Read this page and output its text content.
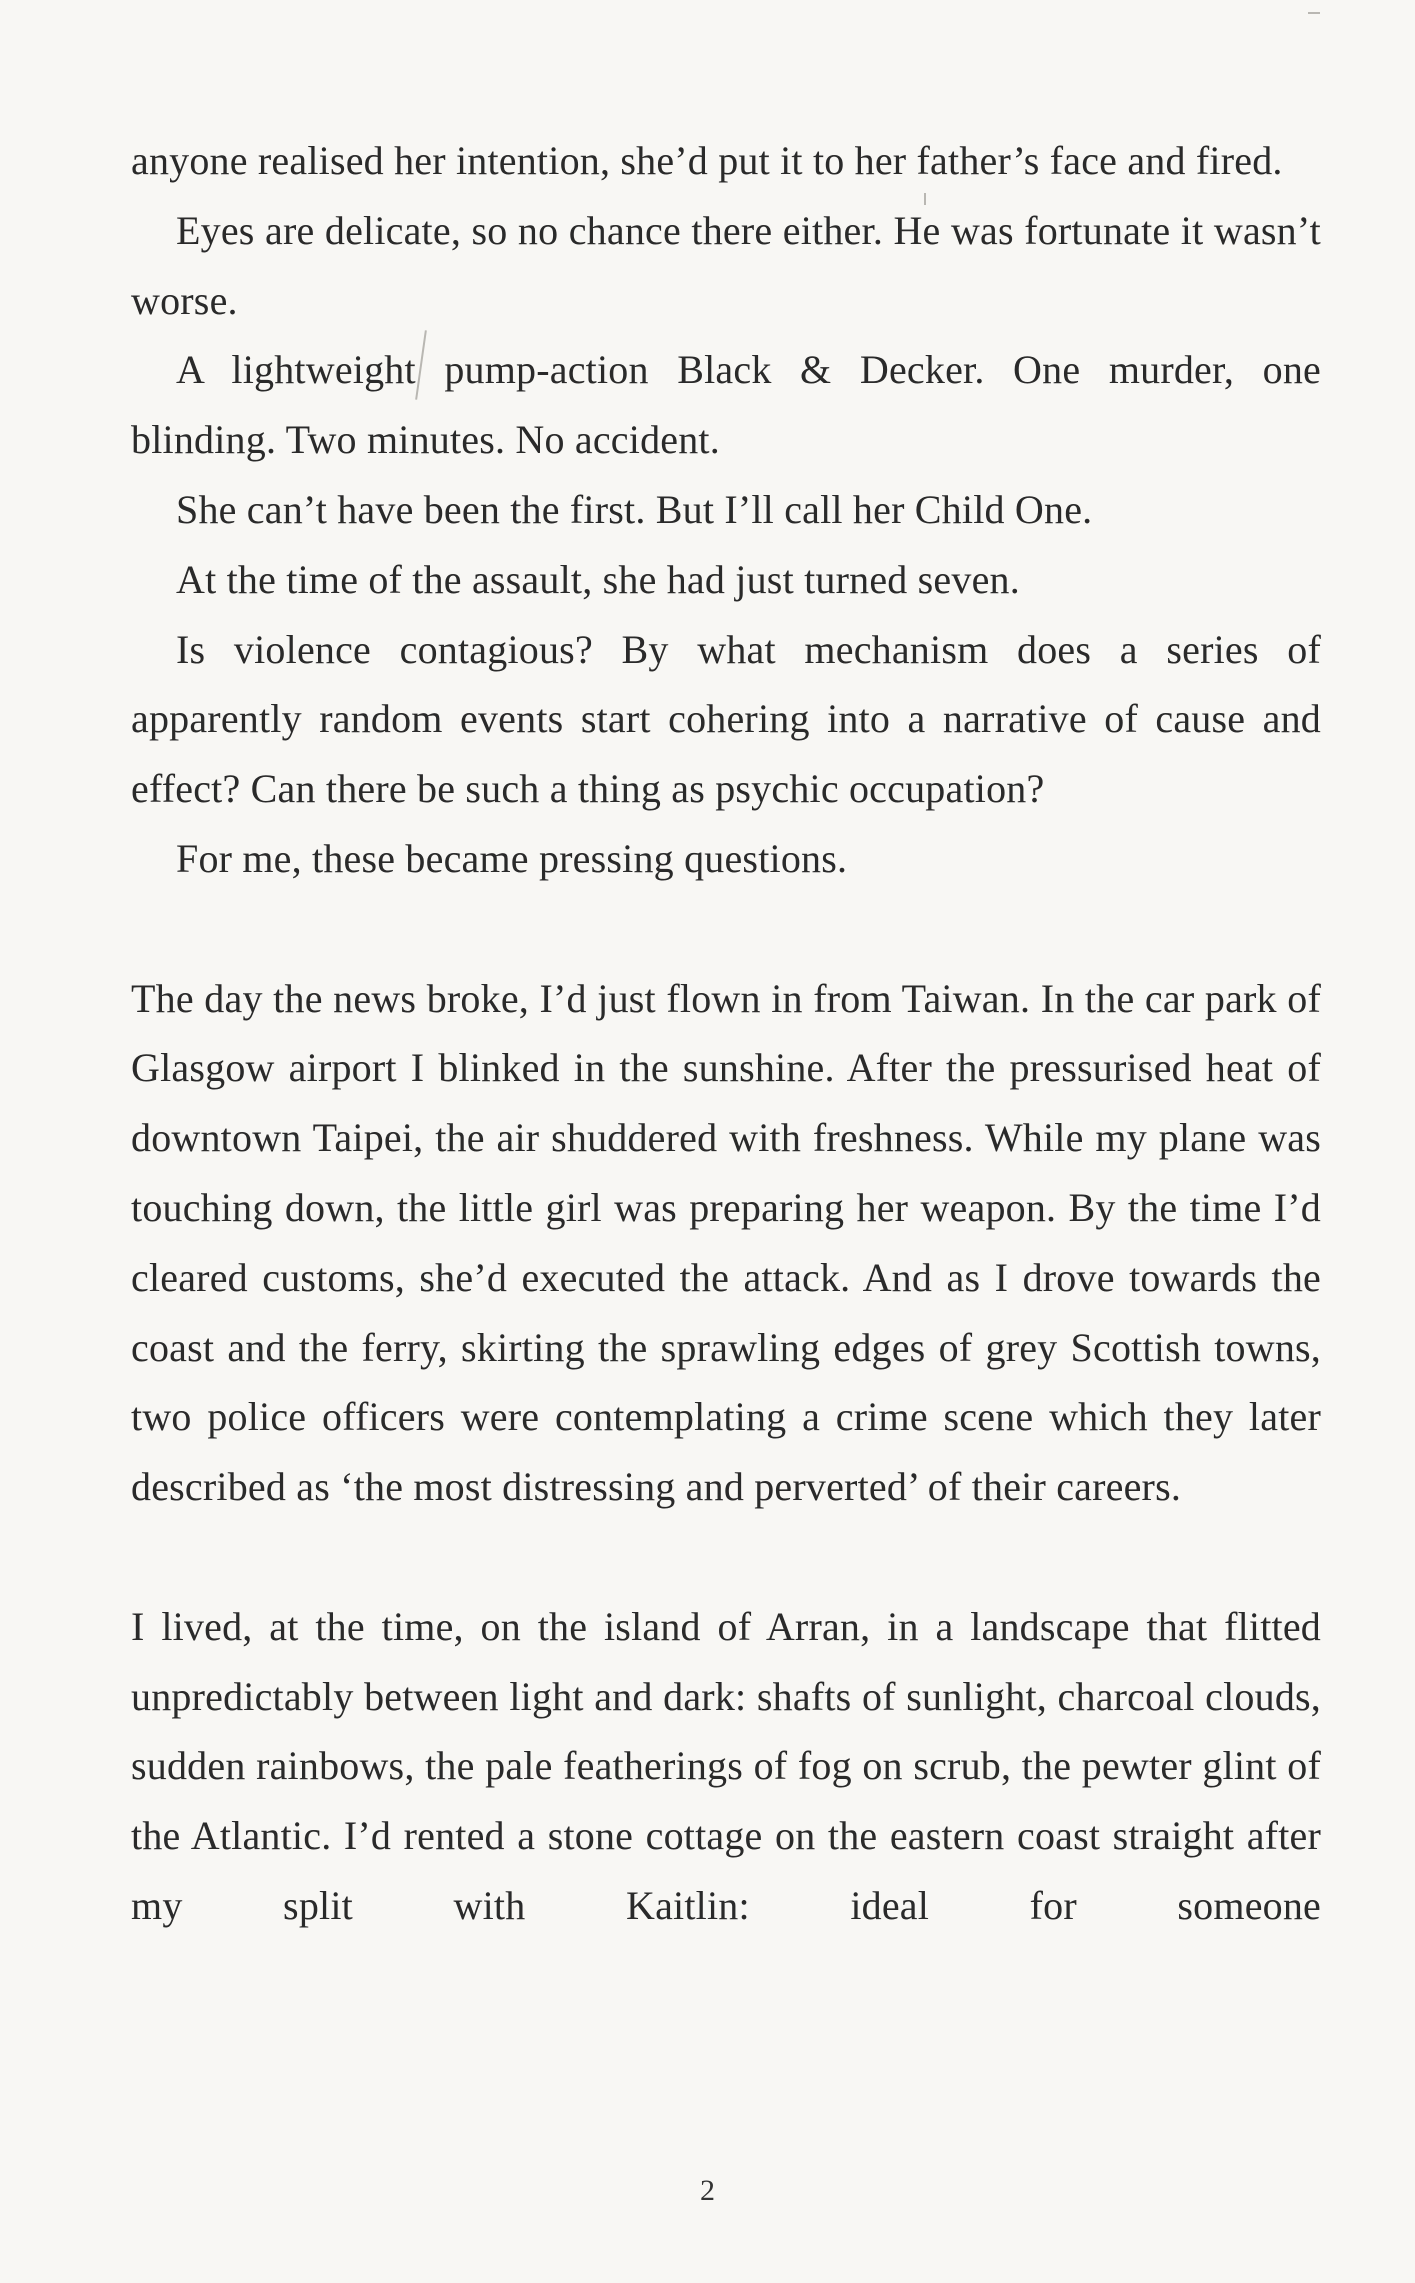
anyone realised her intention, she’d put it to her father’s face and fired.

Eyes are delicate, so no chance there either. He was fortunate it wasn’t worse.

A lightweight pump-action Black & Decker. One murder, one blinding. Two minutes. No accident.

She can’t have been the first. But I’ll call her Child One.

At the time of the assault, she had just turned seven.

Is violence contagious? By what mechanism does a series of apparently random events start cohering into a narrative of cause and effect? Can there be such a thing as psychic occupation?

For me, these became pressing questions.

The day the news broke, I’d just flown in from Taiwan. In the car park of Glasgow airport I blinked in the sunshine. After the pressurised heat of downtown Taipei, the air shuddered with freshness. While my plane was touching down, the little girl was preparing her weapon. By the time I’d cleared customs, she’d executed the attack. And as I drove towards the coast and the ferry, skirting the sprawling edges of grey Scottish towns, two police officers were contemplating a crime scene which they later described as ‘the most distressing and perverted’ of their careers.

I lived, at the time, on the island of Arran, in a landscape that flitted unpredictably between light and dark: shafts of sunlight, charcoal clouds, sudden rainbows, the pale featherings of fog on scrub, the pewter glint of the Atlantic. I’d rented a stone cottage on the eastern coast straight after my split with Kaitlin: ideal for someone

2
